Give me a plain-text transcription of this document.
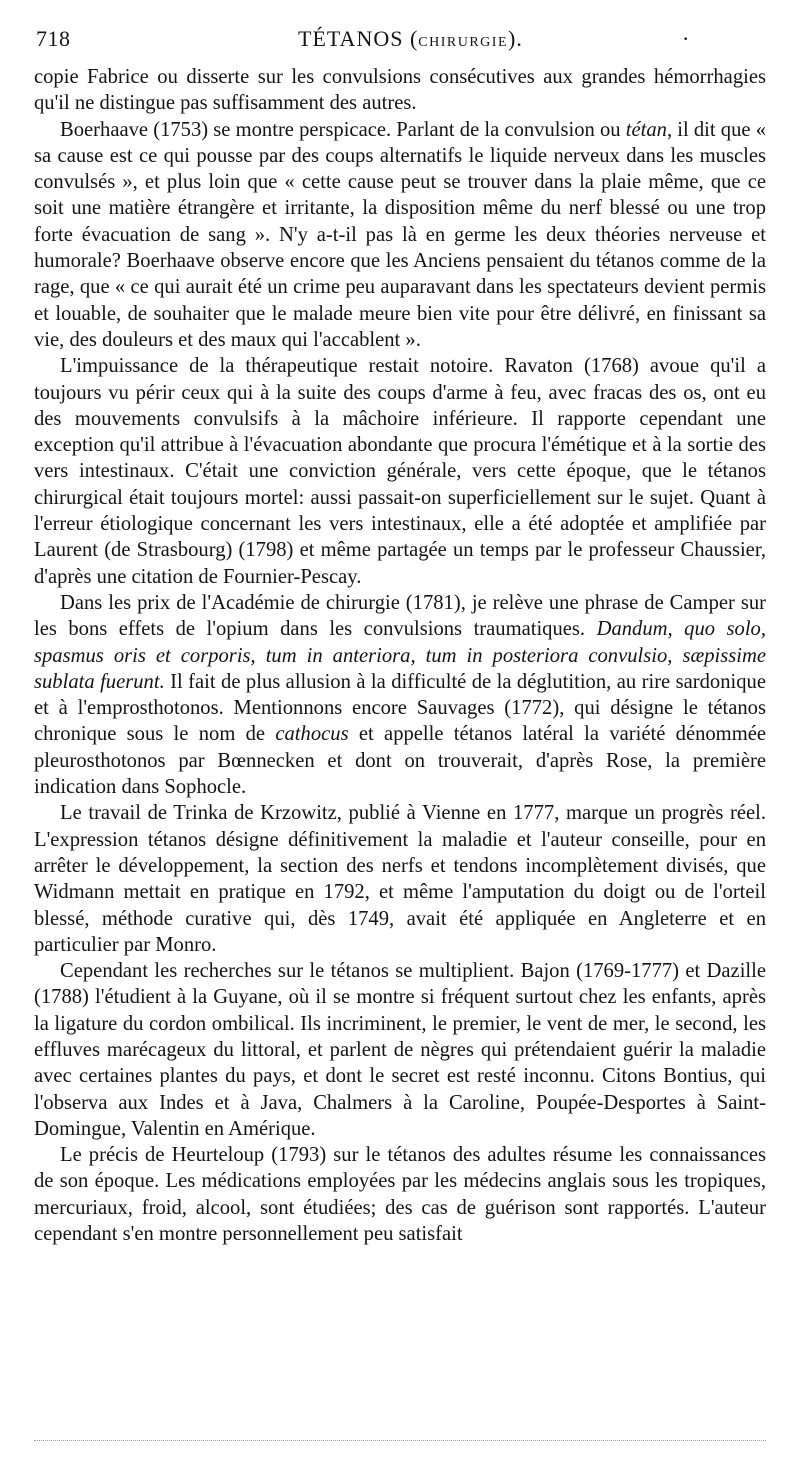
718	TÉTANOS (CHIRURGIE).	·

copie Fabrice ou disserte sur les convulsions consécutives aux grandes hémorrhagies qu'il ne distingue pas suffisamment des autres.

Boerhaave (1753) se montre perspicace. Parlant de la convulsion ou tétan, il dit que « sa cause est ce qui pousse par des coups alternatifs le liquide nerveux dans les muscles convulsés », et plus loin que « cette cause peut se trouver dans la plaie même, que ce soit une matière étrangère et irritante, la disposition même du nerf blessé ou une trop forte évacuation de sang ». N'y a-t-il pas là en germe les deux théories nerveuse et humorale? Boerhaave observe encore que les Anciens pensaient du tétanos comme de la rage, que « ce qui aurait été un crime peu auparavant dans les spectateurs devient permis et louable, de souhaiter que le malade meure bien vite pour être délivré, en finissant sa vie, des douleurs et des maux qui l'accablent ».

L'impuissance de la thérapeutique restait notoire. Ravaton (1768) avoue qu'il a toujours vu périr ceux qui à la suite des coups d'arme à feu, avec fracas des os, ont eu des mouvements convulsifs à la mâchoire inférieure. Il rapporte cependant une exception qu'il attribue à l'évacuation abondante que procura l'émétique et à la sortie des vers intestinaux. C'était une conviction générale, vers cette époque, que le tétanos chirurgical était toujours mortel: aussi passait-on superficiellement sur le sujet. Quant à l'erreur étiologique concernant les vers intestinaux, elle a été adoptée et amplifiée par Laurent (de Strasbourg) (1798) et même partagée un temps par le professeur Chaussier, d'après une citation de Fournier-Pescay.

Dans les prix de l'Académie de chirurgie (1781), je relève une phrase de Camper sur les bons effets de l'opium dans les convulsions traumatiques. Dandum, quo solo, spasmus oris et corporis, tum in anteriora, tum in posteriora convulsio, sæpissime sublata fuerunt. Il fait de plus allusion à la difficulté de la déglutition, au rire sardonique et à l'emprosthotonos. Mentionnons encore Sauvages (1772), qui désigne le tétanos chronique sous le nom de cathocus et appelle tétanos latéral la variété dénommée pleurosthotonos par Bœnnecken et dont on trouverait, d'après Rose, la première indication dans Sophocle.

Le travail de Trinka de Krzowitz, publié à Vienne en 1777, marque un progrès réel. L'expression tétanos désigne définitivement la maladie et l'auteur conseille, pour en arrêter le développement, la section des nerfs et tendons incomplètement divisés, que Widmann mettait en pratique en 1792, et même l'amputation du doigt ou de l'orteil blessé, méthode curative qui, dès 1749, avait été appliquée en Angleterre et en particulier par Monro.

Cependant les recherches sur le tétanos se multiplient. Bajon (1769-1777) et Dazille (1788) l'étudient à la Guyane, où il se montre si fréquent surtout chez les enfants, après la ligature du cordon ombilical. Ils incriminent, le premier, le vent de mer, le second, les effluves marécageux du littoral, et parlent de nègres qui prétendaient guérir la maladie avec certaines plantes du pays, et dont le secret est resté inconnu. Citons Bontius, qui l'observa aux Indes et à Java, Chalmers à la Caroline, Poupée-Desportes à Saint-Domingue, Valentin en Amérique.

Le précis de Heurteloup (1793) sur le tétanos des adultes résume les connaissances de son époque. Les médications employées par les médecins anglais sous les tropiques, mercuriaux, froid, alcool, sont étudiées; des cas de guérison sont rapportés. L'auteur cependant s'en montre personnellement peu satisfait
